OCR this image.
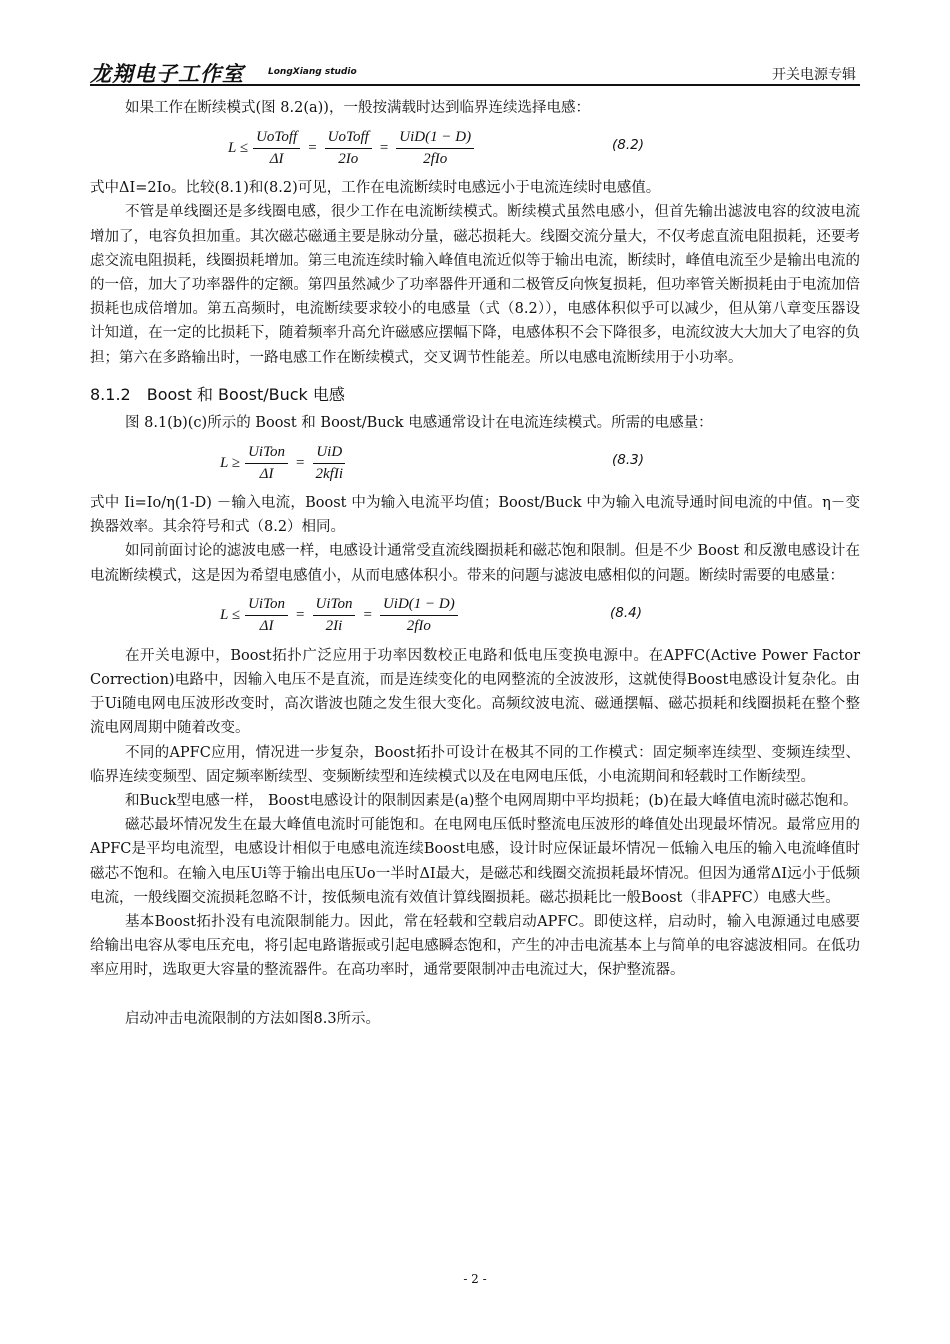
龙翔电子工作室	LongXiang studio	开关电源专辑

如果工作在断续模式(图 8.2(a))，一般按满载时达到临界连续选择电感：

$L \le \frac{\text{UoToff}}{\Delta I} = \frac{\text{UoToff}}{2Io} = \frac{\text{UiD(1 − D)}}{\text{2fIo}}$	(8.2)

式中ΔI=2Io。比较(8.1)和(8.2)可见，工作在电流断续时电感远小于电流连续时电感值。

不管是单线圈还是多线圈电感，很少工作在电流断续模式。断续模式虽然电感小，但首先输出滤波电容的纹波电流增加了，电容负担加重。其次磁芯磁通主要是脉动分量，磁芯损耗大。线圈交流分量大，不仅考虑直流电阻损耗，还要考虑交流电阻损耗，线圈损耗增加。第三电流连续时输入峰值电流近似等于输出电流，断续时，峰值电流至少是输出电流的的一倍，加大了功率器件的定额。第四虽然减少了功率器件开通和二极管反向恢复损耗，但功率管关断损耗由于电流加倍损耗也成倍增加。第五高频时，电流断续要求较小的电感量（式（8.2）），电感体积似乎可以减少，但从第八章变压器设计知道，在一定的比损耗下，随着频率升高允许磁感应摆幅下降，电感体积不会下降很多，电流纹波大大加大了电容的负担；第六在多路输出时，一路电感工作在断续模式，交叉调节性能差。所以电感电流断续用于小功率。

8.1.2　Boost 和 Boost/Buck 电感

图 8.1(b)(c)所示的 Boost 和 Boost/Buck 电感通常设计在电流连续模式。所需的电感量：

$L \ge \frac{\text{UiTon}}{\Delta I} = \frac{\text{UiD}}{\text{2kfIi}}$	(8.3)

式中 Ii=Io/η(1-D) －输入电流，Boost 中为输入电流平均值；Boost/Buck 中为输入电流导通时间电流的中值。η－变换器效率。其余符号和式（8.2）相同。

如同前面讨论的滤波电感一样，电感设计通常受直流线圈损耗和磁芯饱和限制。但是不少 Boost 和反激电感设计在电流断续模式，这是因为希望电感值小，从而电感体积小。带来的问题与滤波电感相似的问题。断续时需要的电感量：

$L \le \frac{\text{UiTon}}{\Delta I} = \frac{\text{UiTon}}{2Ii} = \frac{\text{UiD(1 − D)}}{\text{2fIo}}$	(8.4)

在开关电源中，Boost拓扑广泛应用于功率因数校正电路和低电压变换电源中。在APFC(Active Power Factor Correction)电路中，因输入电压不是直流，而是连续变化的电网整流的全波波形，这就使得Boost电感设计复杂化。由于Ui随电网电压波形改变时，高次谐波也随之发生很大变化。高频纹波电流、磁通摆幅、磁芯损耗和线圈损耗在整个整流电网周期中随着改变。

不同的APFC应用，情况进一步复杂，Boost拓扑可设计在极其不同的工作模式：固定频率连续型、变频连续型、临界连续变频型、固定频率断续型、变频断续型和连续模式以及在电网电压低，小电流期间和轻载时工作断续型。

和Buck型电感一样， Boost电感设计的限制因素是(a)整个电网周期中平均损耗；(b)在最大峰值电流时磁芯饱和。

磁芯最坏情况发生在最大峰值电流时可能饱和。在电网电压低时整流电压波形的峰值处出现最坏情况。最常应用的APFC是平均电流型，电感设计相似于电感电流连续Boost电感，设计时应保证最坏情况－低输入电压的输入电流峰值时磁芯不饱和。在输入电压Ui等于输出电压Uo一半时ΔI最大，是磁芯和线圈交流损耗最坏情况。但因为通常ΔI远小于低频电流，一般线圈交流损耗忽略不计，按低频电流有效值计算线圈损耗。磁芯损耗比一般Boost（非APFC）电感大些。

基本Boost拓扑没有电流限制能力。因此，常在轻载和空载启动APFC。即使这样，启动时，输入电源通过电感要给输出电容从零电压充电，将引起电路谐振或引起电感瞬态饱和，产生的冲击电流基本上与简单的电容滤波相同。在低功率应用时，选取更大容量的整流器件。在高功率时，通常要限制冲击电流过大，保护整流器。

启动冲击电流限制的方法如图8.3所示。

- 2 -
